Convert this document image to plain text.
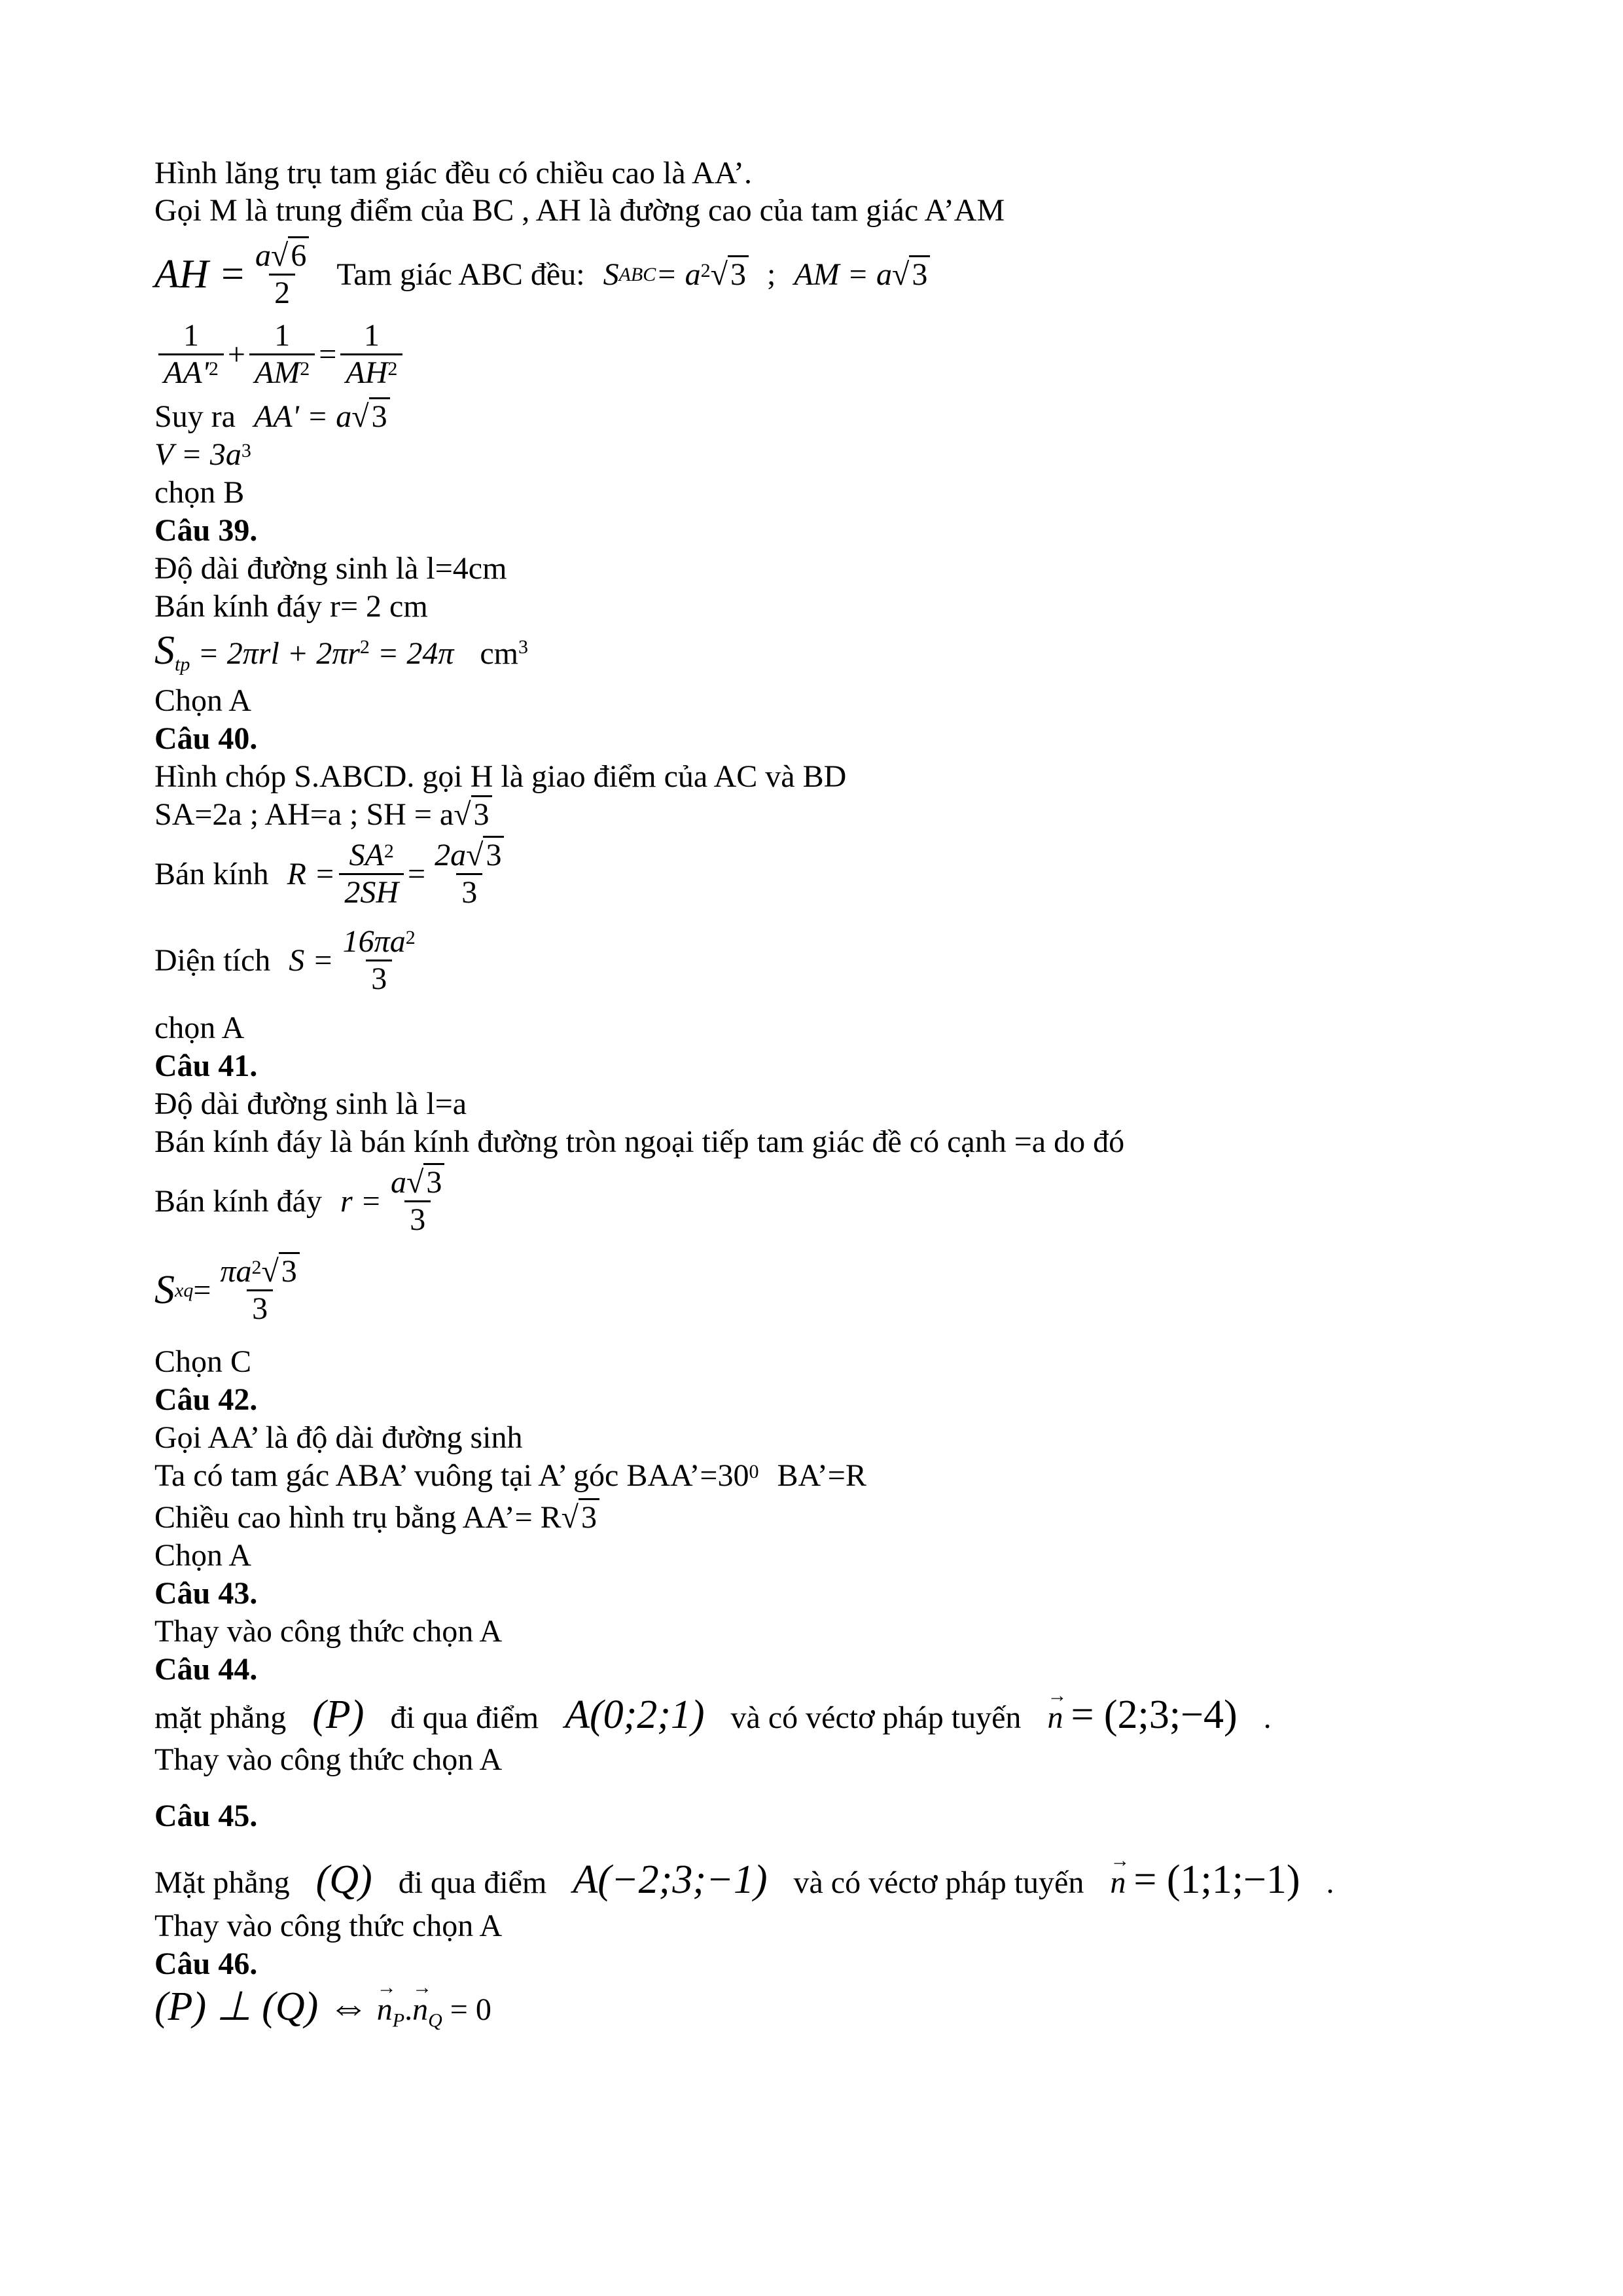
Hình lăng trụ tam giác đều có chiều cao là AA’.
Gọi M là trung điểm của BC , AH là đường cao của tam giác A’AM
AH = $\frac{a√6}{2}$ Tam giác ABC đều: S ABC = $a^2$ √3 ; AM = a √3
$\frac{1}{AA'^2} + \frac{1}{AM^2} = \frac{1}{AH^2}$
Suy ra AA' = a√3
$V = 3a^3$
chọn B
Câu 39.
Độ dài đường sinh là l=4cm
Bán kính đáy r= 2 cm
$S_{tp} = 2\pi rl + 2\pi r^2 = 24\pi$ $cm^3$
Chọn A
Câu 40.
Hình chóp S.ABCD. gọi H là giao điểm của AC và BD
SA=2a ; AH=a ; SH = a√3
Bán kính $R = \frac{SA^2}{2SH} = \frac{2a√3}{3}$
Diện tích $S = \frac{16\pi a^2}{3}$
chọn A
Câu 41.
Độ dài đường sinh là l=a
Bán kính đáy là bán kính đường tròn ngoại tiếp tam giác đề có cạnh =a do đó
Bán kính đáy $r = \frac{a√3}{3}$
S xq = $\frac{\pi a^2√3}{3}$
Chọn C
Câu 42.
Gọi AA’ là độ dài đường sinh
Ta có tam gác ABA’ vuông tại A’ góc $BAA’=30^0$ BA’=R
Chiều cao hình trụ bằng AA’= R√3
Chọn A
Câu 43.
Thay vào công thức chọn A
Câu 44.
mặt phẳng (P) đi qua điểm A(0;2;1) và có véctơ pháp tuyến → n = (2;3;−4) .
Thay vào công thức chọn A
Câu 45.
Mặt phẳng (Q) đi qua điểm A(−2;3;−1) và có véctơ pháp tuyến → n = (1;1;−1) .
Thay vào công thức chọn A
Câu 46.
(P) ⊥ (Q) ⇔ → $n_P.\to n_Q = 0$
